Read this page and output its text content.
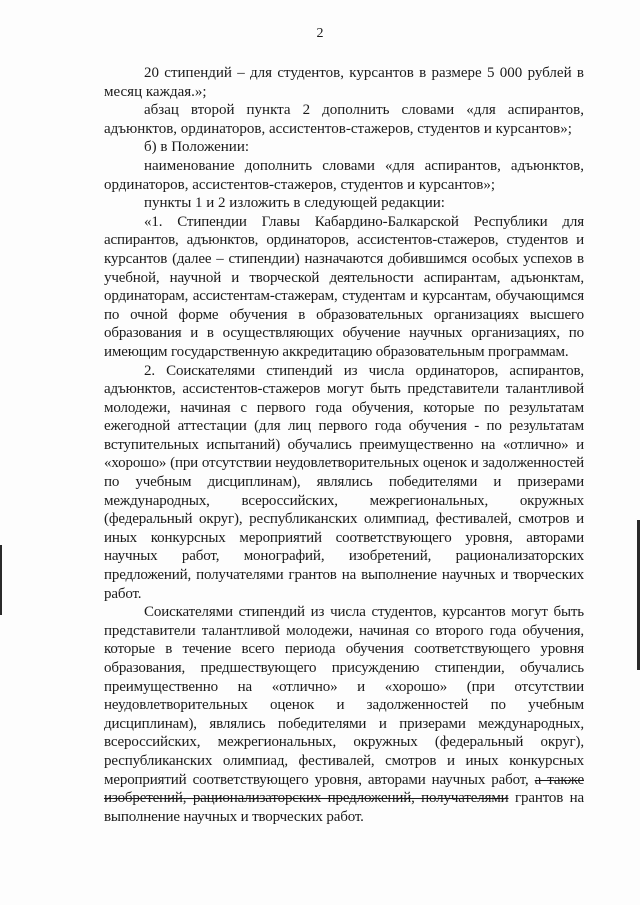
2

20 стипендий – для студентов, курсантов в размере 5 000 рублей в месяц каждая.»;

абзац второй пункта 2 дополнить словами «для аспирантов, адъюнктов, ординаторов, ассистентов-стажеров, студентов и курсантов»;

б) в Положении:

наименование дополнить словами «для аспирантов, адъюнктов, ординаторов, ассистентов-стажеров, студентов и курсантов»;

пункты 1 и 2 изложить в следующей редакции:

«1. Стипендии Главы Кабардино-Балкарской Республики для аспирантов, адъюнктов, ординаторов, ассистентов-стажеров, студентов и курсантов (далее – стипендии) назначаются добившимся особых успехов в учебной, научной и творческой деятельности аспирантам, адъюнктам, ординаторам, ассистентам-стажерам, студентам и курсантам, обучающимся по очной форме обучения в образовательных организациях высшего образования и в осуществляющих обучение научных организациях, по имеющим государственную аккредитацию образовательным программам.

2. Соискателями стипендий из числа ординаторов, аспирантов, адъюнктов, ассистентов-стажеров могут быть представители талантливой молодежи, начиная с первого года обучения, которые по результатам ежегодной аттестации (для лиц первого года обучения - по результатам вступительных испытаний) обучались преимущественно на «отлично» и «хорошо» (при отсутствии неудовлетворительных оценок и задолженностей по учебным дисциплинам), являлись победителями и призерами международных, всероссийских, межрегиональных, окружных (федеральный округ), республиканских олимпиад, фестивалей, смотров и иных конкурсных мероприятий соответствующего уровня, авторами научных работ, монографий, изобретений, рационализаторских предложений, получателями грантов на выполнение научных и творческих работ.

Соискателями стипендий из числа студентов, курсантов могут быть представители талантливой молодежи, начиная со второго года обучения, которые в течение всего периода обучения соответствующего уровня образования, предшествующего присуждению стипендии, обучались преимущественно на «отлично» и «хорошо» (при отсутствии неудовлетворительных оценок и задолженностей по учебным дисциплинам), являлись победителями и призерами международных, всероссийских, межрегиональных, окружных (федеральный округ), республиканских олимпиад, фестивалей, смотров и иных конкурсных мероприятий соответствующего уровня, авторами научных работ, а также изобретений, рационализаторских предложений, получателями грантов на выполнение научных и творческих работ.
